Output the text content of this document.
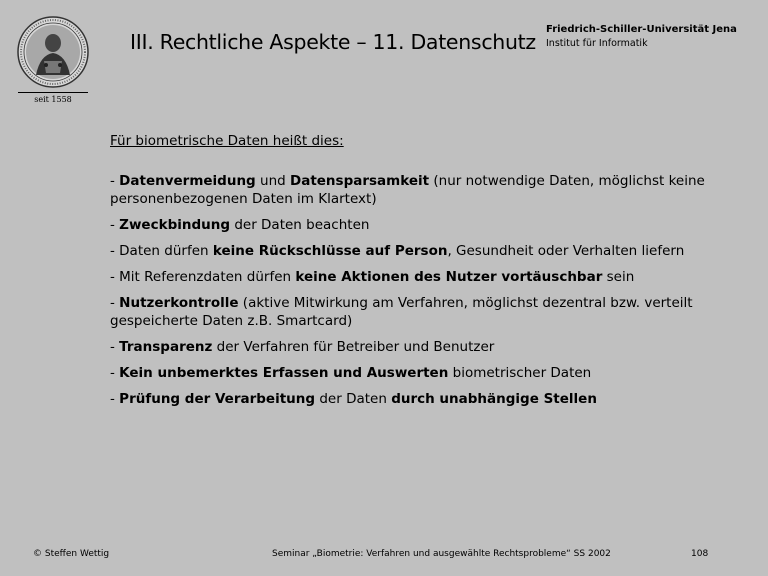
seit 1558
III. Rechtliche Aspekte – 11. Datenschutz
Friedrich-Schiller-Universität Jena
Institut für Informatik
Für biometrische Daten heißt dies:
- Datenvermeidung und Datensparsamkeit (nur notwendige Daten, möglichst keine personenbezogenen Daten im Klartext)
- Zweckbindung der Daten beachten
- Daten dürfen keine Rückschlüsse auf Person, Gesundheit oder Verhalten liefern
- Mit Referenzdaten dürfen keine Aktionen des Nutzer vortäuschbar sein
- Nutzerkontrolle (aktive Mitwirkung am Verfahren, möglichst dezentral bzw. verteilt gespeicherte Daten z.B. Smartcard)
- Transparenz der Verfahren für Betreiber und Benutzer
- Kein unbemerktes Erfassen und Auswerten biometrischer Daten
- Prüfung der Verarbeitung der Daten durch unabhängige Stellen
© Steffen Wettig	Seminar „Biometrie: Verfahren und ausgewählte Rechtsprobleme“ SS 2002	108
